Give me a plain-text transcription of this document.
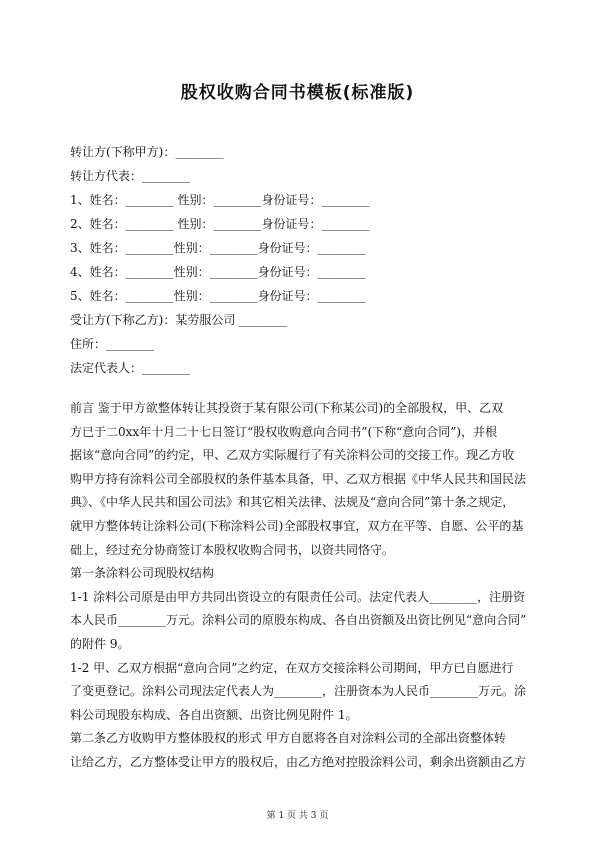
股权收购合同书模板(标准版)
转让方(下称甲方)：________
转让方代表：________
1、姓名：________ 性别：________身份证号：________
2、姓名：________ 性别：________身份证号：________
3、姓名：________性别：________身份证号：________
4、姓名：________性别：________身份证号：________
5、姓名：________性别：________身份证号：________
受让方(下称乙方)：某劳服公司 ________
住所：________
法定代表人：________
前言 鉴于甲方欲整体转让其投资于某有限公司(下称某公司)的全部股权，甲、乙双
方已于二0xx年十月二十七日签订“股权收购意向合同书”(下称“意向合同”)，并根
据该“意向合同”的约定，甲、乙双方实际履行了有关涂料公司的交接工作。现乙方收
购甲方持有涂料公司全部股权的条件基本具备，甲、乙双方根据《中华人民共和国民法
典》、《中华人民共和国公司法》和其它相关法律、法规及“意向合同”第十条之规定，
就甲方整体转让涂料公司(下称涂料公司)全部股权事宜，双方在平等、自愿、公平的基
础上，经过充分协商签订本股权收购合同书，以资共同恪守。
第一条涂料公司现股权结构
1-1 涂料公司原是由甲方共同出资设立的有限责任公司。法定代表人________，注册资
本人民币________万元。涂料公司的原股东构成、各自出资额及出资比例见“意向合同”
的附件 9。
1-2 甲、乙双方根据“意向合同”之约定，在双方交接涂料公司期间，甲方已自愿进行
了变更登记。涂料公司现法定代表人为________，注册资本为人民币________万元。涂
料公司现股东构成、各自出资额、出资比例见附件 1。
第二条乙方收购甲方整体股权的形式 甲方自愿将各自对涂料公司的全部出资整体转
让给乙方，乙方整体受让甲方的股权后，由乙方绝对控股涂料公司，剩余出资额由乙方
第 1 页 共 3 页
